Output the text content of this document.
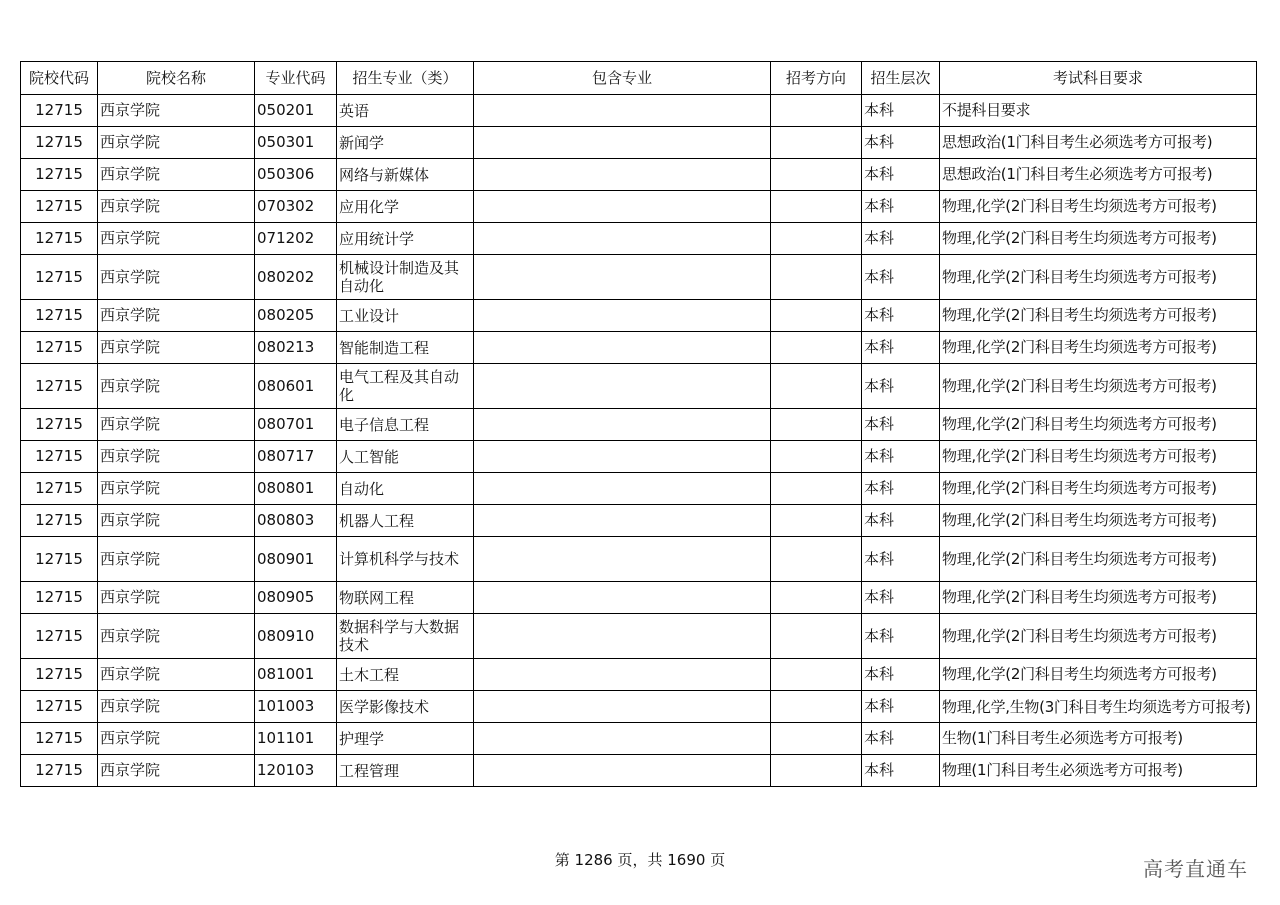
院校代码	院校名称	专业代码	招生专业（类）	包含专业	招考方向	招生层次	考试科目要求
12715	西京学院	050201	英语			本科	不提科目要求
12715	西京学院	050301	新闻学			本科	思想政治(1门科目考生必须选考方可报考)
12715	西京学院	050306	网络与新媒体			本科	思想政治(1门科目考生必须选考方可报考)
12715	西京学院	070302	应用化学			本科	物理,化学(2门科目考生均须选考方可报考)
12715	西京学院	071202	应用统计学			本科	物理,化学(2门科目考生均须选考方可报考)
12715	西京学院	080202	机械设计制造及其自动化			本科	物理,化学(2门科目考生均须选考方可报考)
12715	西京学院	080205	工业设计			本科	物理,化学(2门科目考生均须选考方可报考)
12715	西京学院	080213	智能制造工程			本科	物理,化学(2门科目考生均须选考方可报考)
12715	西京学院	080601	电气工程及其自动化			本科	物理,化学(2门科目考生均须选考方可报考)
12715	西京学院	080701	电子信息工程			本科	物理,化学(2门科目考生均须选考方可报考)
12715	西京学院	080717	人工智能			本科	物理,化学(2门科目考生均须选考方可报考)
12715	西京学院	080801	自动化			本科	物理,化学(2门科目考生均须选考方可报考)
12715	西京学院	080803	机器人工程			本科	物理,化学(2门科目考生均须选考方可报考)
12715	西京学院	080901	计算机科学与技术			本科	物理,化学(2门科目考生均须选考方可报考)
12715	西京学院	080905	物联网工程			本科	物理,化学(2门科目考生均须选考方可报考)
12715	西京学院	080910	数据科学与大数据技术			本科	物理,化学(2门科目考生均须选考方可报考)
12715	西京学院	081001	土木工程			本科	物理,化学(2门科目考生均须选考方可报考)
12715	西京学院	101003	医学影像技术			本科	物理,化学,生物(3门科目考生均须选考方可报考)
12715	西京学院	101101	护理学			本科	生物(1门科目考生必须选考方可报考)
12715	西京学院	120103	工程管理			本科	物理(1门科目考生必须选考方可报考)
第 1286 页，共 1690 页	高考直通车
